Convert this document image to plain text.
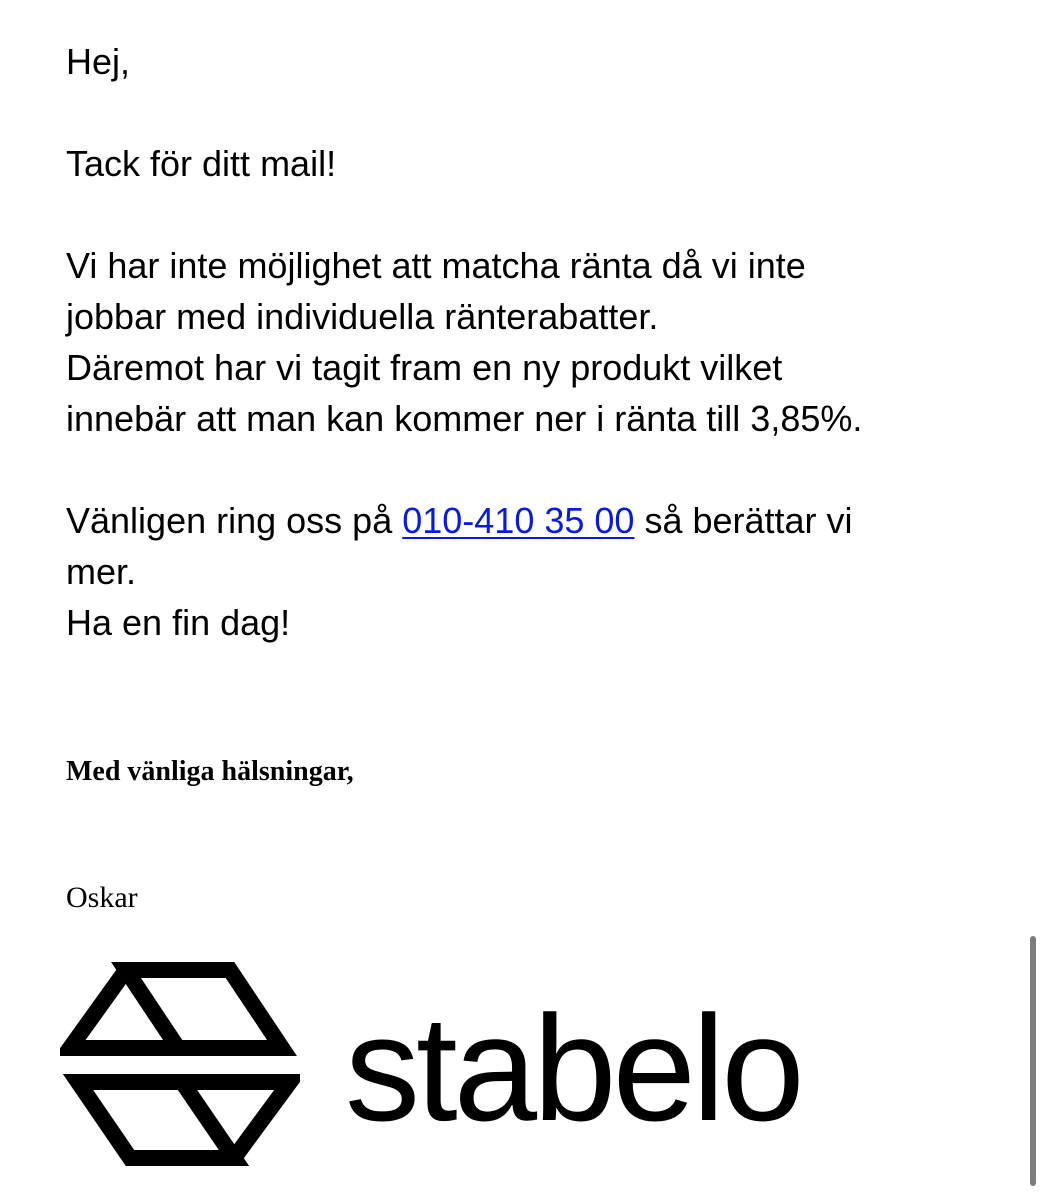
Hej,

Tack för ditt mail!

Vi har inte möjlighet att matcha ränta då vi inte

jobbar med individuella ränterabatter.

Däremot har vi tagit fram en ny produkt vilket

innebär att man kan kommer ner i ränta till 3,85%.

Vänligen ring oss på 010-410 35 00 så berättar vi

mer.

Ha en fin dag!

Med vänliga hälsningar,
Oskar
stabelo
